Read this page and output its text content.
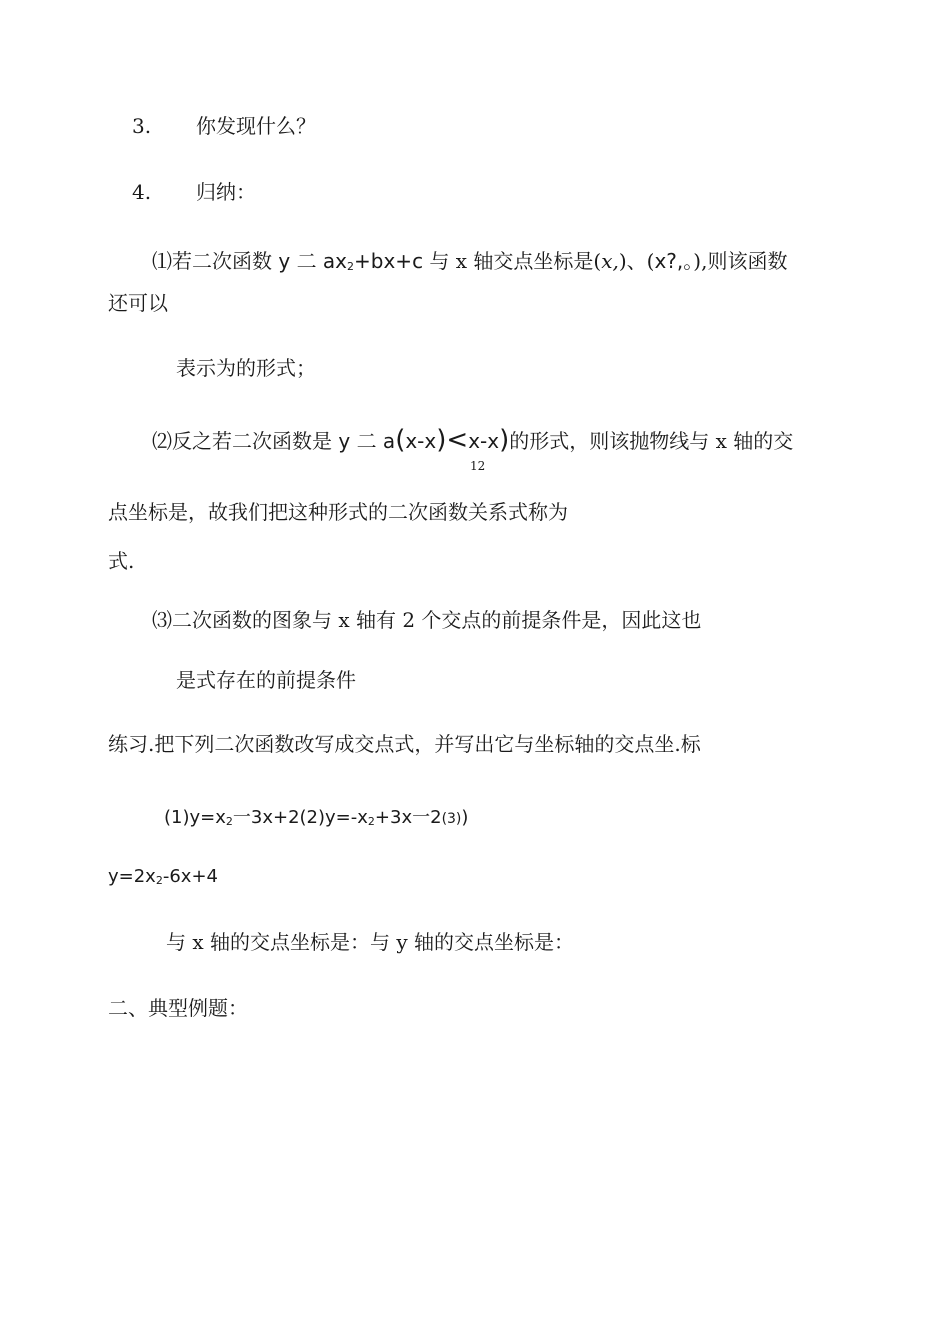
3. 你发现什么？
4. 归纳：
⑴若二次函数 y 二 ax2+bx+c 与 x 轴交点坐标是(x,)、(x?,。),则该函数
还可以
表示为的形式；
⑵反之若二次函数是 y 二 a(x-x)<x-x)的形式，则该抛物线与 x 轴的交
12
点坐标是，故我们把这种形式的二次函数关系式称为
式.
⑶二次函数的图象与 x 轴有 2 个交点的前提条件是，因此这也
是式存在的前提条件
练习.把下列二次函数改写成交点式，并写出它与坐标轴的交点坐.标
(1)y=x2一3x+2(2)y=-x2+3x一2(3))
y=2x2-6x+4
与 x 轴的交点坐标是：与 y 轴的交点坐标是：
二、典型例题：
